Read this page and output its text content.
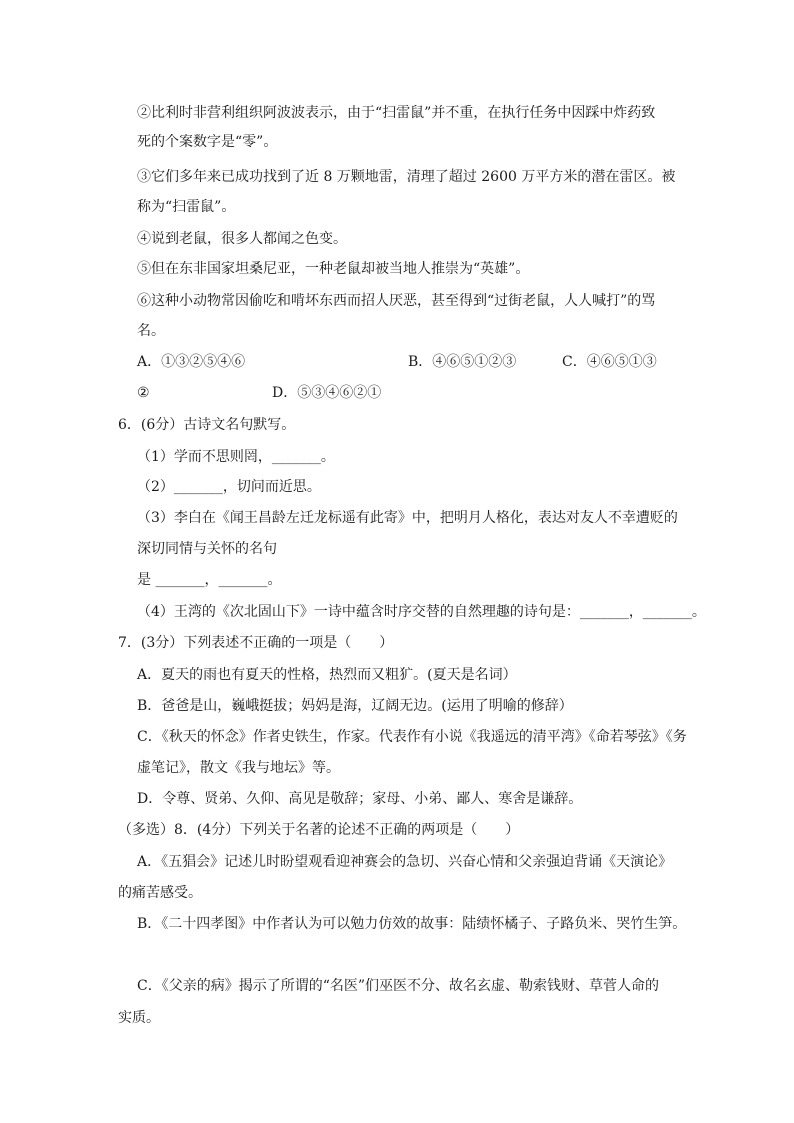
②比利时非营利组织阿波波表示，由于“扫雷鼠”并不重，在执行任务中因踩中炸药致
死的个案数字是“零”。
③它们多年来已成功找到了近 8 万颗地雷，清理了超过 2600 万平方米的潜在雷区。被
称为“扫雷鼠”。
④说到老鼠，很多人都闻之色变。
⑤但在东非国家坦桑尼亚，一种老鼠却被当地人推崇为“英雄”。
⑥这种小动物常因偷吃和啃坏东西而招人厌恶，甚至得到“过街老鼠，人人喊打”的骂
名。
A．①③②⑤④⑥	B．④⑥⑤①②③	C．④⑥⑤①③
②	D．⑤③④⑥②①
6．(6分）古诗文名句默写。
（1）学而不思则罔，_______。
（2）_______，切问而近思。
（3）李白在《闻王昌龄左迁龙标遥有此寄》中，把明月人格化，表达对友人不幸遭贬的
深切同情与关怀的名句
是 _______，_______。
（4）王湾的《次北固山下》一诗中蕴含时序交替的自然理趣的诗句是：_______，_______。
7．(3分）下列表述不正确的一项是（　　）
A．夏天的雨也有夏天的性格，热烈而又粗犷。(夏天是名词）
B．爸爸是山，巍峨挺拔；妈妈是海，辽阔无边。(运用了明喻的修辞）
C．《秋天的怀念》作者史铁生，作家。代表作有小说《我遥远的清平湾》《命若琴弦》《务
虚笔记》，散文《我与地坛》等。
D．令尊、贤弟、久仰、高见是敬辞；家母、小弟、鄙人、寒舍是谦辞。
（多选）8．(4分）下列关于名著的论述不正确的两项是（　　）
A．《五猖会》记述儿时盼望观看迎神赛会的急切、兴奋心情和父亲强迫背诵《天演论》
的痛苦感受。
B．《二十四孝图》中作者认为可以勉力仿效的故事：陆绩怀橘子、子路负米、哭竹生笋。
C．《父亲的病》揭示了所谓的“名医”们巫医不分、故名玄虚、勒索钱财、草菅人命的
实质。
